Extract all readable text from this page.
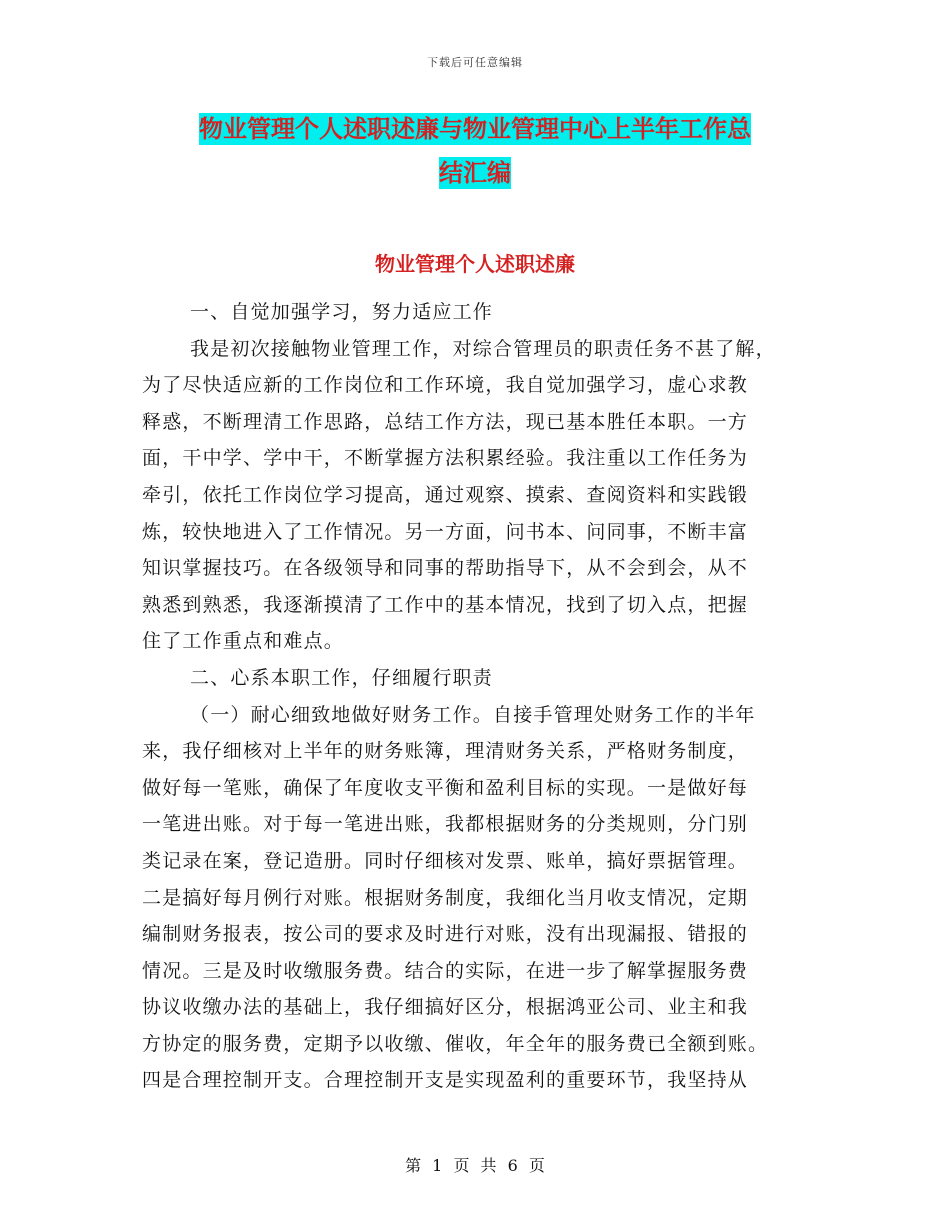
下载后可任意编辑
物业管理个人述职述廉与物业管理中心上半年工作总
结汇编
物业管理个人述职述廉
一、自觉加强学习，努力适应工作
我是初次接触物业管理工作，对综合管理员的职责任务不甚了解，
为了尽快适应新的工作岗位和工作环境，我自觉加强学习，虚心求教
释惑，不断理清工作思路，总结工作方法，现已基本胜任本职。一方
面，干中学、学中干，不断掌握方法积累经验。我注重以工作任务为
牵引，依托工作岗位学习提高，通过观察、摸索、查阅资料和实践锻
炼，较快地进入了工作情况。另一方面，问书本、问同事，不断丰富
知识掌握技巧。在各级领导和同事的帮助指导下，从不会到会，从不
熟悉到熟悉，我逐渐摸清了工作中的基本情况，找到了切入点，把握
住了工作重点和难点。
二、心系本职工作，仔细履行职责
（一）耐心细致地做好财务工作。自接手管理处财务工作的半年
来，我仔细核对上半年的财务账簿，理清财务关系，严格财务制度，
做好每一笔账，确保了年度收支平衡和盈利目标的实现。一是做好每
一笔进出账。对于每一笔进出账，我都根据财务的分类规则，分门别
类记录在案，登记造册。同时仔细核对发票、账单，搞好票据管理。
二是搞好每月例行对账。根据财务制度，我细化当月收支情况，定期
编制财务报表，按公司的要求及时进行对账，没有出现漏报、错报的
情况。三是及时收缴服务费。结合的实际，在进一步了解掌握服务费
协议收缴办法的基础上，我仔细搞好区分，根据鸿亚公司、业主和我
方协定的服务费，定期予以收缴、催收，年全年的服务费已全额到账。
四是合理控制开支。合理控制开支是实现盈利的重要环节，我坚持从
第 1 页 共 6 页
